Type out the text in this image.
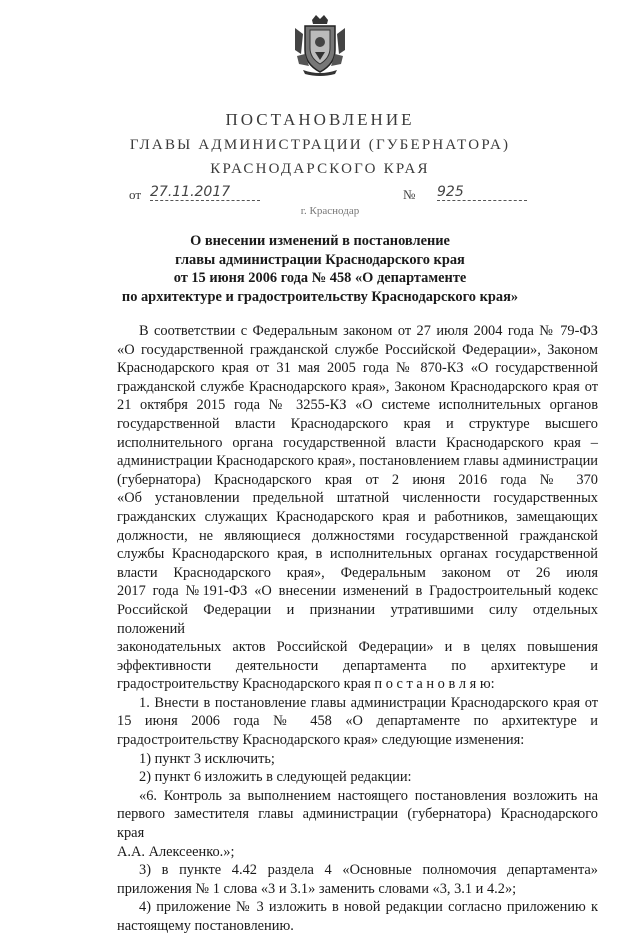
ПОСТАНОВЛЕНИЕ
ГЛАВЫ АДМИНИСТРАЦИИ (ГУБЕРНАТОРА)
КРАСНОДАРСКОГО КРАЯ
от 27.11.2017	№ 925
г. Краснодар
О внесении изменений в постановление
главы администрации Краснодарского края
от 15 июня 2006 года № 458 «О департаменте
по архитектуре и градостроительству Краснодарского края»

В соответствии с Федеральным законом от 27 июля 2004 года № 79-ФЗ

«О государственной гражданской службе Российской Федерации», Законом

Краснодарского края от 31 мая 2005 года № 870-КЗ «О государственной

гражданской службе Краснодарского края», Законом Краснодарского края от

21 октября 2015 года № 3255-КЗ «О системе исполнительных органов

государственной власти Краснодарского края и структуре высшего

исполнительного органа государственной власти Краснодарского края –

администрации Краснодарского края», постановлением главы администрации

(губернатора) Краснодарского края от 2 июня 2016 года № 370

«Об установлении предельной штатной численности государственных

гражданских служащих Краснодарского края и работников, замещающих

должности, не являющиеся должностями государственной гражданской

службы Краснодарского края, в исполнительных органах государственной

власти Краснодарского края», Федеральным законом от 26 июля

2017 года №191-ФЗ «О внесении изменений в Градостроительный кодекс

Российской Федерации и признании утратившими силу отдельных положений

законодательных актов Российской Федерации» и в целях повышения

эффективности деятельности департамента по архитектуре и

градостроительству Краснодарского края п о с т а н о в л я ю:

1. Внести в постановление главы администрации Краснодарского края от

15 июня 2006 года № 458 «О департаменте по архитектуре и

градостроительству Краснодарского края» следующие изменения:

1) пункт 3 исключить;

2) пункт 6 изложить в следующей редакции:

«6. Контроль за выполнением настоящего постановления возложить на

первого заместителя главы администрации (губернатора) Краснодарского края

А.А. Алексеенко.»;

3) в пункте 4.42 раздела 4 «Основные полномочия департамента»

приложения № 1 слова «3 и 3.1» заменить словами «3, 3.1 и 4.2»;

4) приложение № 3 изложить в новой редакции согласно приложению к

настоящему постановлению.
